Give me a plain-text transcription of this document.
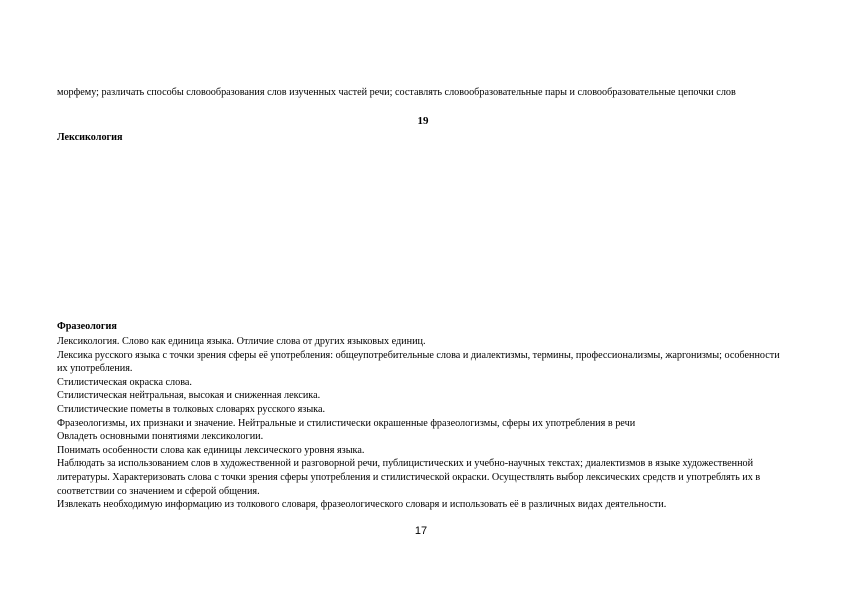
морфему; различать способы словообразования слов изученных частей речи; составлять словообразовательные пары и словообразовательные цепочки слов

19
Лексикология
Фразеология

Лексикология. Слово как единица языка. Отличие слова от других языковых единиц.

Лексика русского языка с точки зрения сферы её употребления: общеупотребительные слова и диалектизмы, термины, профессионализмы, жаргонизмы; особенности их употребления.

Стилистическая окраска слова.

Стилистическая нейтральная, высокая и сниженная лексика.

Стилистические пометы в толковых словарях русского языка.

Фразеологизмы, их признаки и значение. Нейтральные и стилистически окрашенные фразеологизмы, сферы их употребления в речи

Овладеть основными понятиями лексикологии.

Понимать особенности слова как единицы лексического уровня языка.

Наблюдать за использованием слов в художественной и разговорной речи, публицистических и учебно-научных текстах; диалектизмов в языке художественной литературы. Характеризовать слова с точки зрения сферы употребления и стилистической окраски. Осуществлять выбор лексических средств и употреблять их в соответствии со значением и сферой общения.

Извлекать необходимую информацию из толкового словаря, фразеологического словаря и использовать её в различных видах деятельности.

17
